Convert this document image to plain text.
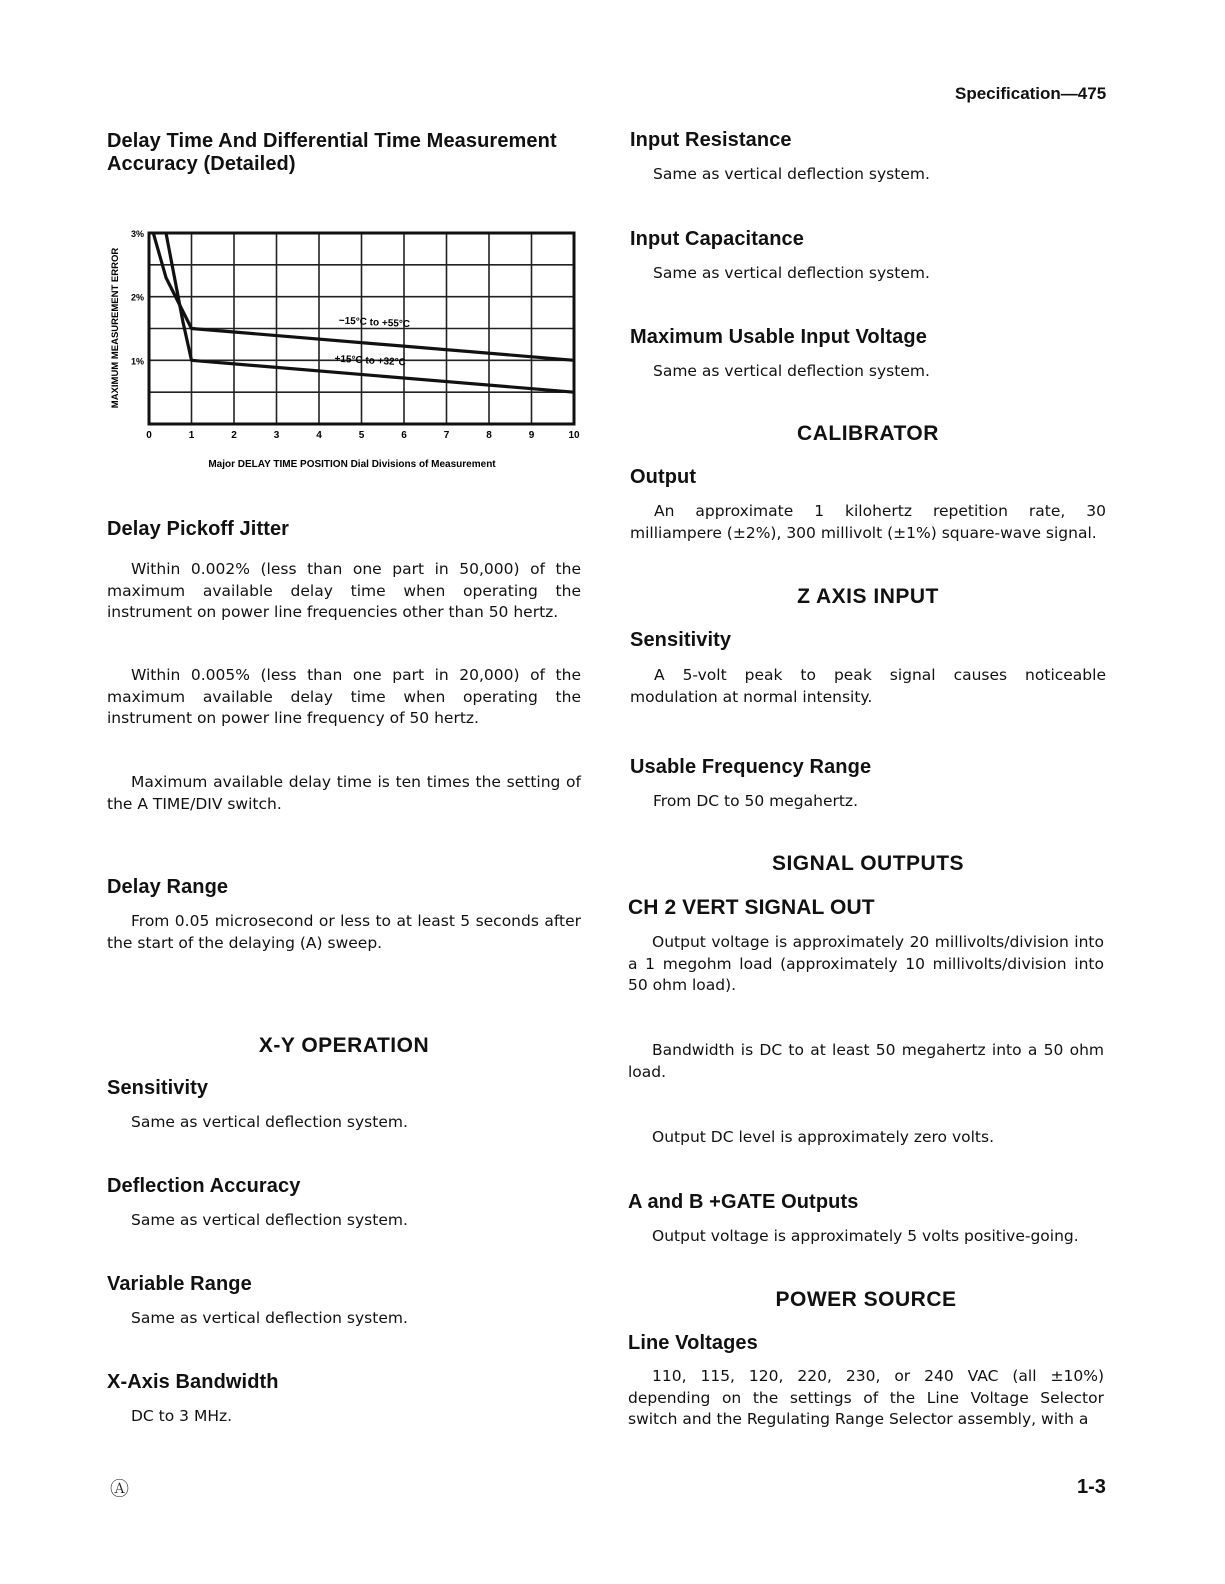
Specification—475
Delay Time And Differential Time Measurement Accuracy (Detailed)
0	1	2	3	4	5	6	7	8	9	10
1%
2%
3%
MAXIMUM MEASUREMENT ERROR
Major DELAY TIME POSITION Dial Divisions of Measurement
−15°C to +55°C
+15°C to +32°C
Delay Pickoff Jitter
Within 0.002% (less than one part in 50,000) of the maximum available delay time when operating the instrument on power line frequencies other than 50 hertz.
Within 0.005% (less than one part in 20,000) of the maximum available delay time when operating the instrument on power line frequency of 50 hertz.
Maximum available delay time is ten times the setting of the A TIME/DIV switch.
Delay Range
From 0.05 microsecond or less to at least 5 seconds after the start of the delaying (A) sweep.
X-Y OPERATION
Sensitivity
Same as vertical deflection system.
Deflection Accuracy
Same as vertical deflection system.
Variable Range
Same as vertical deflection system.
X-Axis Bandwidth
DC to 3 MHz.
Input Resistance
Same as vertical deflection system.
Input Capacitance
Same as vertical deflection system.
Maximum Usable Input Voltage
Same as vertical deflection system.
CALIBRATOR
Output
An approximate 1 kilohertz repetition rate, 30 milliampere (±2%), 300 millivolt (±1%) square-wave signal.
Z AXIS INPUT
Sensitivity
A 5-volt peak to peak signal causes noticeable modulation at normal intensity.
Usable Frequency Range
From DC to 50 megahertz.
SIGNAL OUTPUTS
CH 2 VERT SIGNAL OUT
Output voltage is approximately 20 millivolts/division into a 1 megohm load (approximately 10 millivolts/division into 50 ohm load).
Bandwidth is DC to at least 50 megahertz into a 50 ohm load.
Output DC level is approximately zero volts.
A and B +GATE Outputs
Output voltage is approximately 5 volts positive-going.
POWER SOURCE
Line Voltages
110, 115, 120, 220, 230, or 240 VAC (all ±10%) depending on the settings of the Line Voltage Selector switch and the Regulating Range Selector assembly, with a
Ⓐ	1-3
